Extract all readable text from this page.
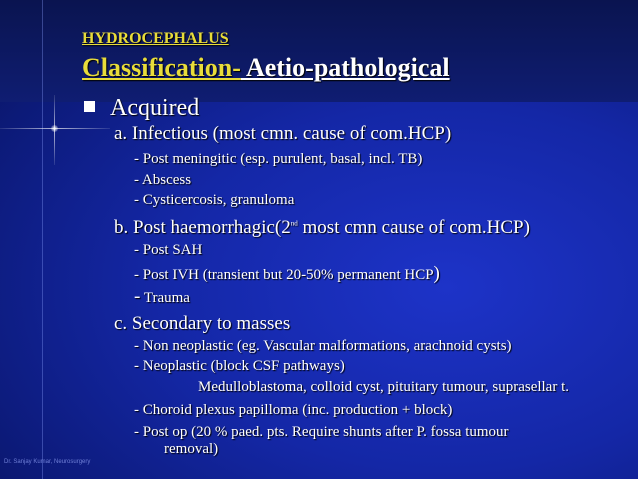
HYDROCEPHALUS
Classification- Aetio-pathological
Acquired
a. Infectious (most cmn. cause of com.HCP)
- Post meningitic (esp. purulent, basal, incl. TB)
- Abscess
- Cysticercosis, granuloma
b. Post haemorrhagic(2nd most cmn cause of com.HCP)
- Post SAH
- Post IVH (transient but 20-50% permanent HCP)
- Trauma
c. Secondary to masses
- Non neoplastic (eg. Vascular malformations, arachnoid cysts)
- Neoplastic (block CSF pathways)
Medulloblastoma, colloid cyst, pituitary tumour, suprasellar t.
- Choroid plexus papilloma (inc. production + block)
- Post op (20 % paed. pts. Require shunts after P. fossa tumour
removal)
Dr. Sanjay Kumar, Neurosurgery
